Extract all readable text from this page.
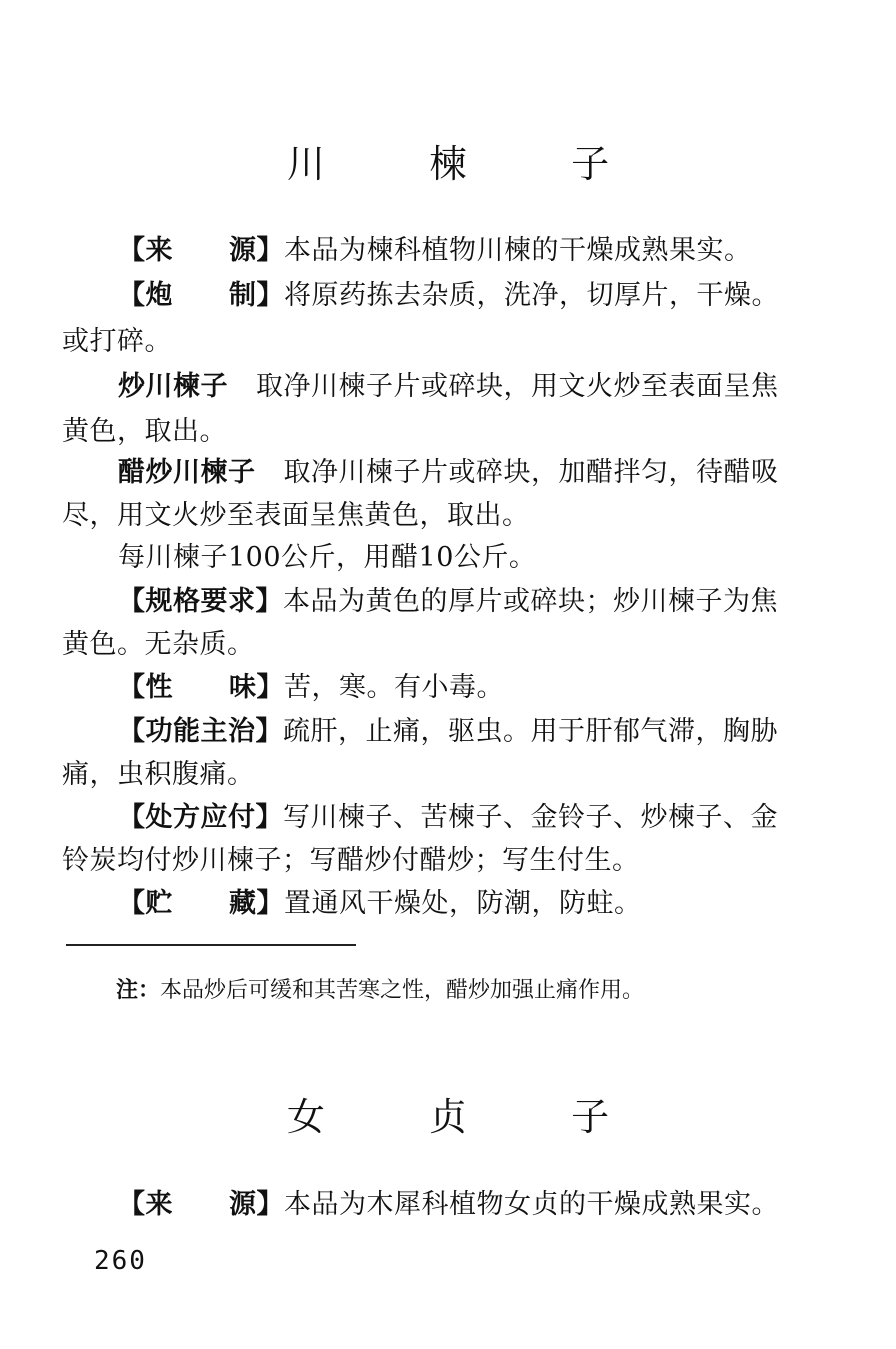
川 楝 子
【来 源】本品为楝科植物川楝的干燥成熟果实。
【炮 制】将原药拣去杂质，洗净，切厚片，干燥。
或打碎。
炒川楝子 取净川楝子片或碎块，用文火炒至表面呈焦
黄色，取出。
醋炒川楝子 取净川楝子片或碎块，加醋拌匀，待醋吸
尽，用文火炒至表面呈焦黄色，取出。
每川楝子100公斤，用醋10公斤。
【规格要求】本品为黄色的厚片或碎块；炒川楝子为焦
黄色。无杂质。
【性 味】苦，寒。有小毒。
【功能主治】疏肝，止痛，驱虫。用于肝郁气滞，胸胁
痛，虫积腹痛。
【处方应付】写川楝子、苦楝子、金铃子、炒楝子、金
铃炭均付炒川楝子；写醋炒付醋炒；写生付生。
【贮 藏】置通风干燥处，防潮，防蛀。
注：本品炒后可缓和其苦寒之性，醋炒加强止痛作用。
女 贞 子
【来 源】本品为木犀科植物女贞的干燥成熟果实。
260
